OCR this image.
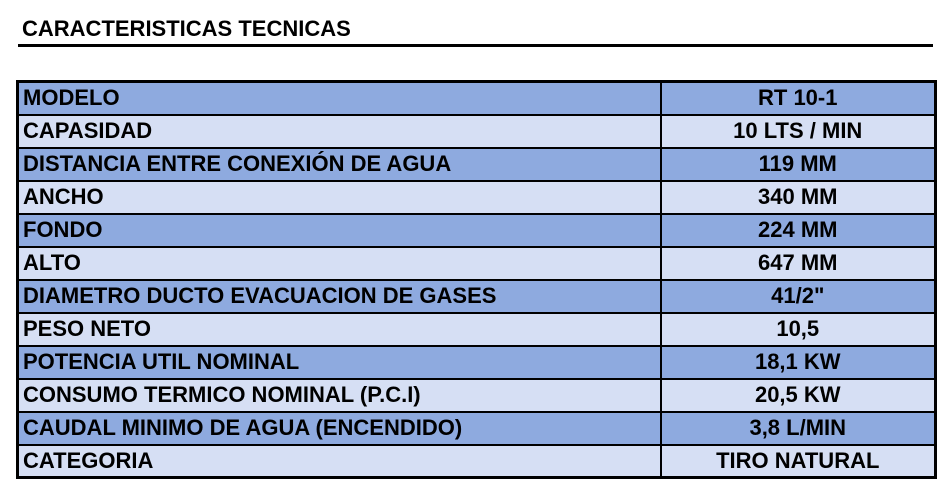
CARACTERISTICAS TECNICAS
MODELO	RT 10-1
CAPASIDAD	10 LTS / MIN
DISTANCIA ENTRE CONEXIÓN DE AGUA	119 MM
ANCHO	340 MM
FONDO	224 MM
ALTO	647 MM
DIAMETRO DUCTO EVACUACION DE GASES	41/2"
PESO NETO	10,5
POTENCIA UTIL NOMINAL	18,1 KW
CONSUMO TERMICO NOMINAL (P.C.I)	20,5 KW
CAUDAL MINIMO DE AGUA (ENCENDIDO)	3,8 L/MIN
CATEGORIA	TIRO NATURAL
